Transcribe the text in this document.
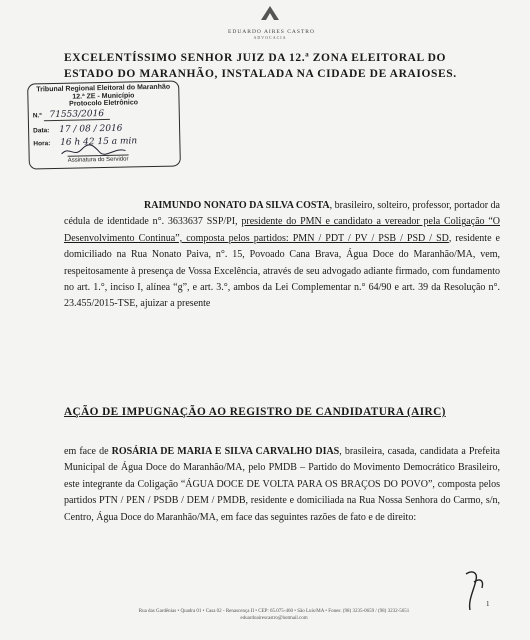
EDUARDO AIRES CASTRO
ADVOCACIA
EXCELENTÍSSIMO SENHOR JUIZ DA 12.ª ZONA ELEITORAL DO
ESTADO DO MARANHÃO, INSTALADA NA CIDADE DE ARAIOSES.
Tribunal Regional Eleitoral do Maranhão
12.ª ZE - Município
Protocolo Eletrônico
N.º 71553/2016
Data: 17 / 08 / 2016
Hora: 16 h 42 15 a min
Assinatura do Servidor
RAIMUNDO NONATO DA SILVA COSTA, brasileiro, solteiro, professor, portador da cédula de identidade n°. 3633637 SSP/PI, presidente do PMN e candidato a vereador pela Coligação “O Desenvolvimento Continua”, composta pelos partidos: PMN / PDT / PV / PSB / PSD / SD, residente e domiciliado na Rua Nonato Paiva, n°. 15, Povoado Cana Brava, Água Doce do Maranhão/MA, vem, respeitosamente à presença de Vossa Excelência, através de seu advogado adiante firmado, com fundamento no art. 1.°, inciso I, alínea “g”, e art. 3.°, ambos da Lei Complementar n.° 64/90 e art. 39 da Resolução n°. 23.455/2015-TSE, ajuizar a presente
AÇÃO DE IMPUGNAÇÃO AO REGISTRO DE CANDIDATURA (AIRC)
em face de ROSÁRIA DE MARIA E SILVA CARVALHO DIAS, brasileira, casada, candidata a Prefeita Municipal de Água Doce do Maranhão/MA, pelo PMDB – Partido do Movimento Democrático Brasileiro, este integrante da Coligação “ÁGUA DOCE DE VOLTA PARA OS BRAÇOS DO POVO”, composta pelos partidos PTN / PEN / PSDB / DEM / PMDB, residente e domiciliada na Rua Nossa Senhora do Carmo, s/n, Centro, Água Doce do Maranhão/MA, em face das seguintes razões de fato e de direito:
1
Rua das Gardênias • Quadra 01 • Casa 02 - Renascença II • CEP: 65.075-460 • São Luís/MA • Fones: (98) 3235-0659 / (98) 3232-5651
eduardoairescastro@hotmail.com
